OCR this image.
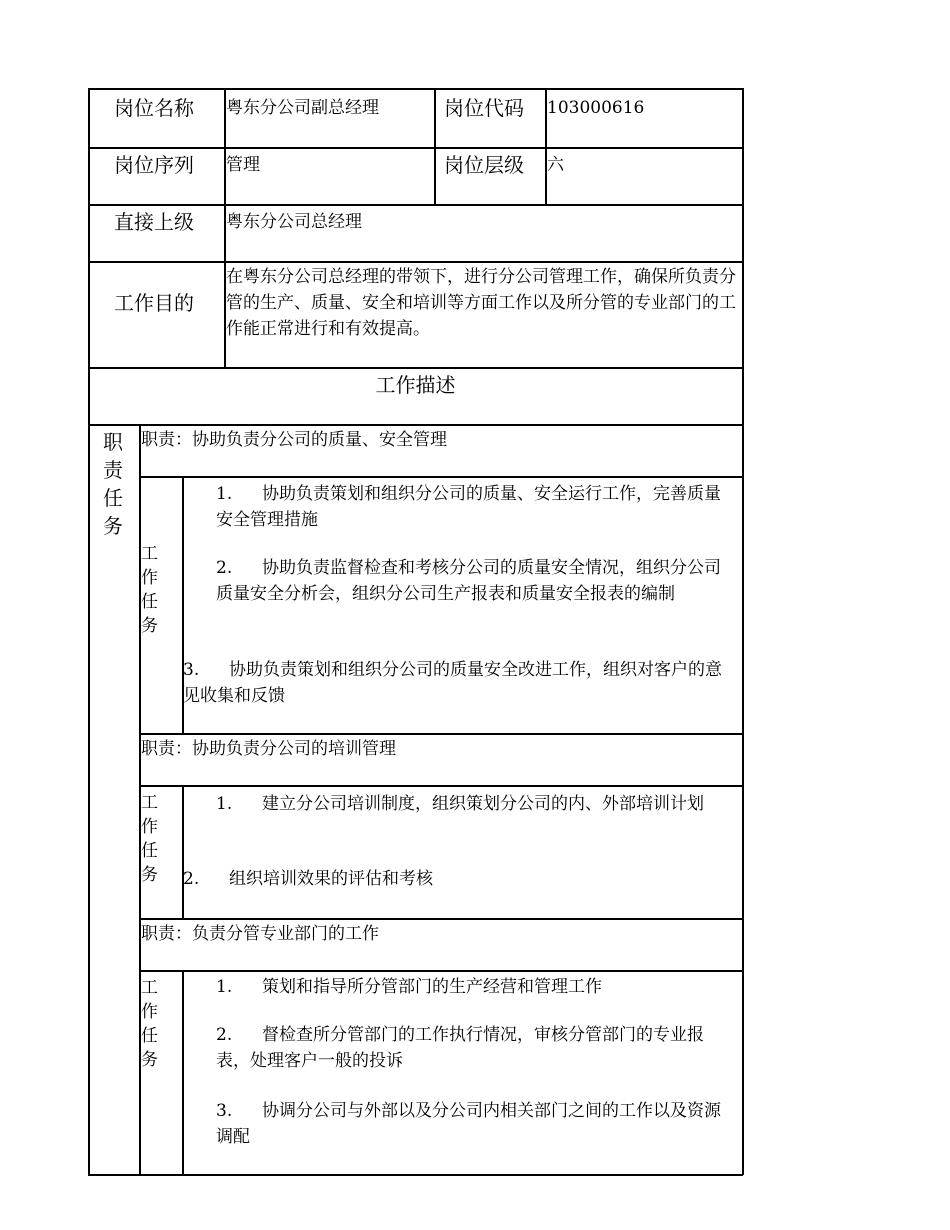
岗位名称 粤东分公司副总经理	岗位代码 103000616
岗位序列 管理	岗位层级 六
直接上级 粤东分公司总经理
工作目的
在粤东分公司总经理的带领下，进行分公司管理工作，确保所负责分管的生产、质量、安全和培训等方面工作以及所分管的专业部门的工作能正常进行和有效提高。
工作描述
职责任务
职责：协助负责分公司的质量、安全管理
工作任务
1. 协助负责策划和组织分公司的质量、安全运行工作，完善质量安全管理措施
2. 协助负责监督检查和考核分公司的质量安全情况，组织分公司质量安全分析会，组织分公司生产报表和质量安全报表的编制
3. 协助负责策划和组织分公司的质量安全改进工作，组织对客户的意见收集和反馈
职责：协助负责分公司的培训管理
工作任务
1. 建立分公司培训制度，组织策划分公司的内、外部培训计划
2. 组织培训效果的评估和考核
职责：负责分管专业部门的工作
工作任务
1. 策划和指导所分管部门的生产经营和管理工作
2. 督检查所分管部门的工作执行情况，审核分管部门的专业报表，处理客户一般的投诉
3. 协调分公司与外部以及分公司内相关部门之间的工作以及资源调配
